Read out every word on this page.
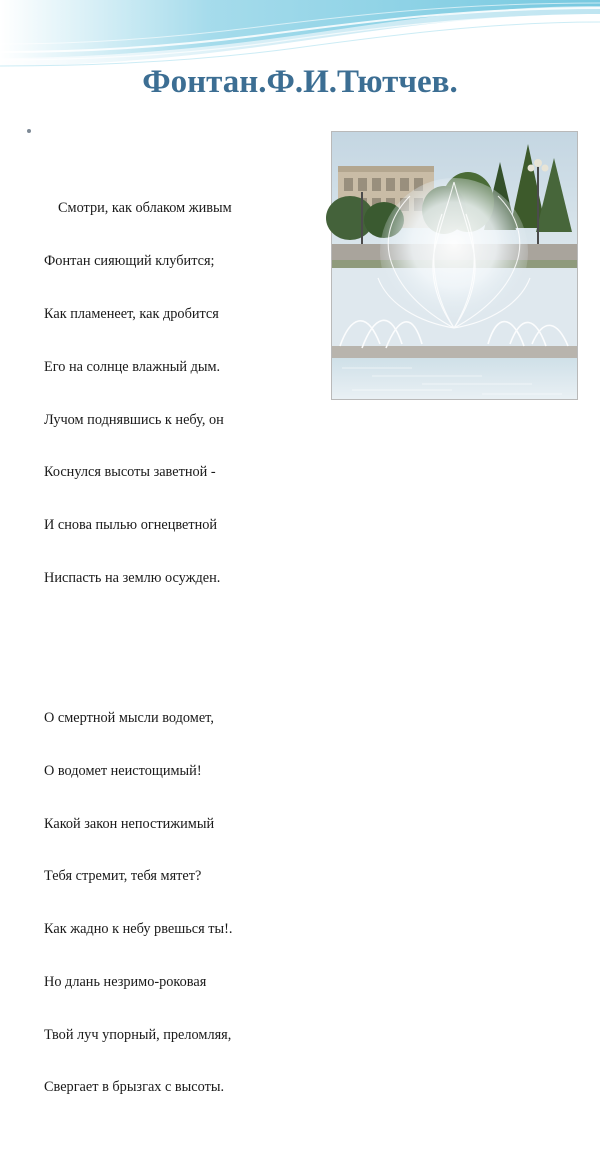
Фонтан.Ф.И.Тютчев.

Смотри, как облаком живым

Фонтан сияющий клубится;

Как пламенеет, как дробится

Его на солнце влажный дым.

Лучом поднявшись к небу, он

Коснулся высоты заветной -

И снова пылью огнецветной

Ниспасть на землю осужден.

О смертной мысли водомет,

О водомет неистощимый!

Какой закон непостижимый

Тебя стремит, тебя мятет?

Как жадно к небу рвешься ты!.

Но длань незримо-роковая

Твой луч упорный, преломляя,

Свергает в брызгах с высоты.
